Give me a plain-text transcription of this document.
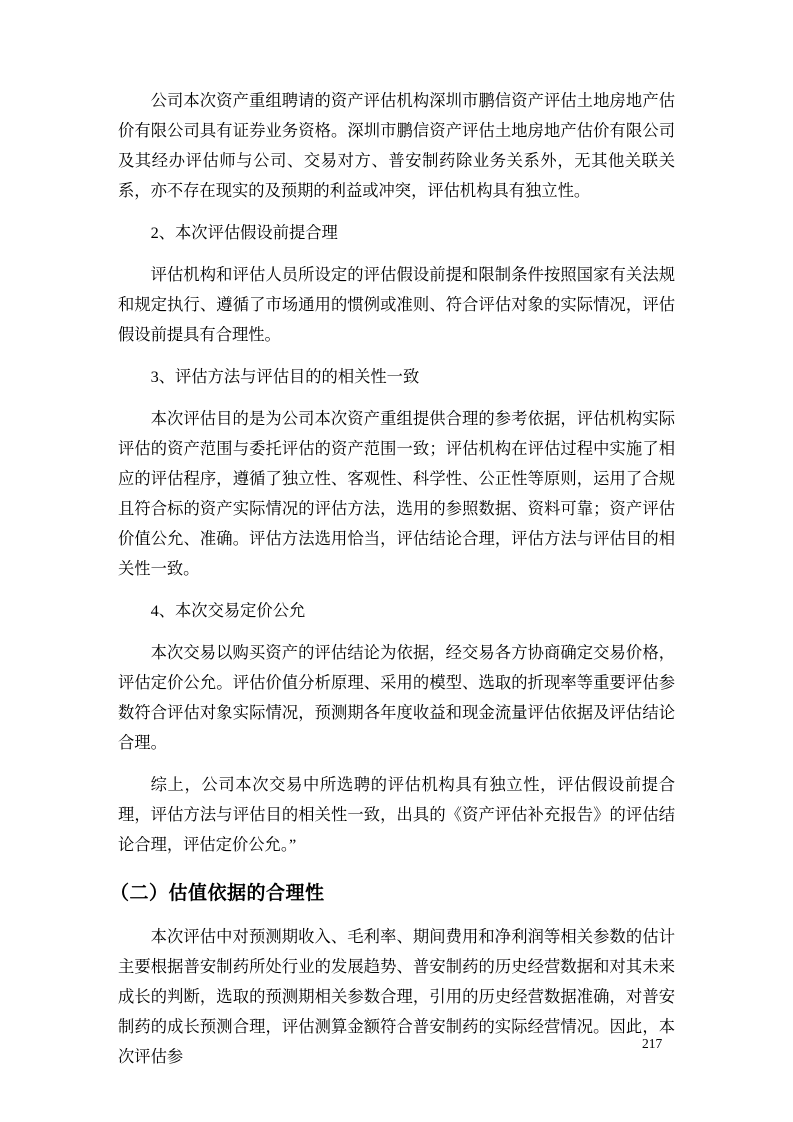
公司本次资产重组聘请的资产评估机构深圳市鹏信资产评估土地房地产估价有限公司具有证券业务资格。深圳市鹏信资产评估土地房地产估价有限公司及其经办评估师与公司、交易对方、普安制药除业务关系外，无其他关联关系，亦不存在现实的及预期的利益或冲突，评估机构具有独立性。

2、本次评估假设前提合理

评估机构和评估人员所设定的评估假设前提和限制条件按照国家有关法规和规定执行、遵循了市场通用的惯例或准则、符合评估对象的实际情况，评估假设前提具有合理性。

3、评估方法与评估目的的相关性一致

本次评估目的是为公司本次资产重组提供合理的参考依据，评估机构实际评估的资产范围与委托评估的资产范围一致；评估机构在评估过程中实施了相应的评估程序，遵循了独立性、客观性、科学性、公正性等原则，运用了合规且符合标的资产实际情况的评估方法，选用的参照数据、资料可靠；资产评估价值公允、准确。评估方法选用恰当，评估结论合理，评估方法与评估目的相关性一致。

4、本次交易定价公允

本次交易以购买资产的评估结论为依据，经交易各方协商确定交易价格，评估定价公允。评估价值分析原理、采用的模型、选取的折现率等重要评估参数符合评估对象实际情况，预测期各年度收益和现金流量评估依据及评估结论合理。

综上，公司本次交易中所选聘的评估机构具有独立性，评估假设前提合理，评估方法与评估目的相关性一致，出具的《资产评估补充报告》的评估结论合理，评估定价公允。”

（二）估值依据的合理性

本次评估中对预测期收入、毛利率、期间费用和净利润等相关参数的估计主要根据普安制药所处行业的发展趋势、普安制药的历史经营数据和对其未来成长的判断，选取的预测期相关参数合理，引用的历史经营数据准确，对普安制药的成长预测合理，评估测算金额符合普安制药的实际经营情况。因此，本次评估参

217
